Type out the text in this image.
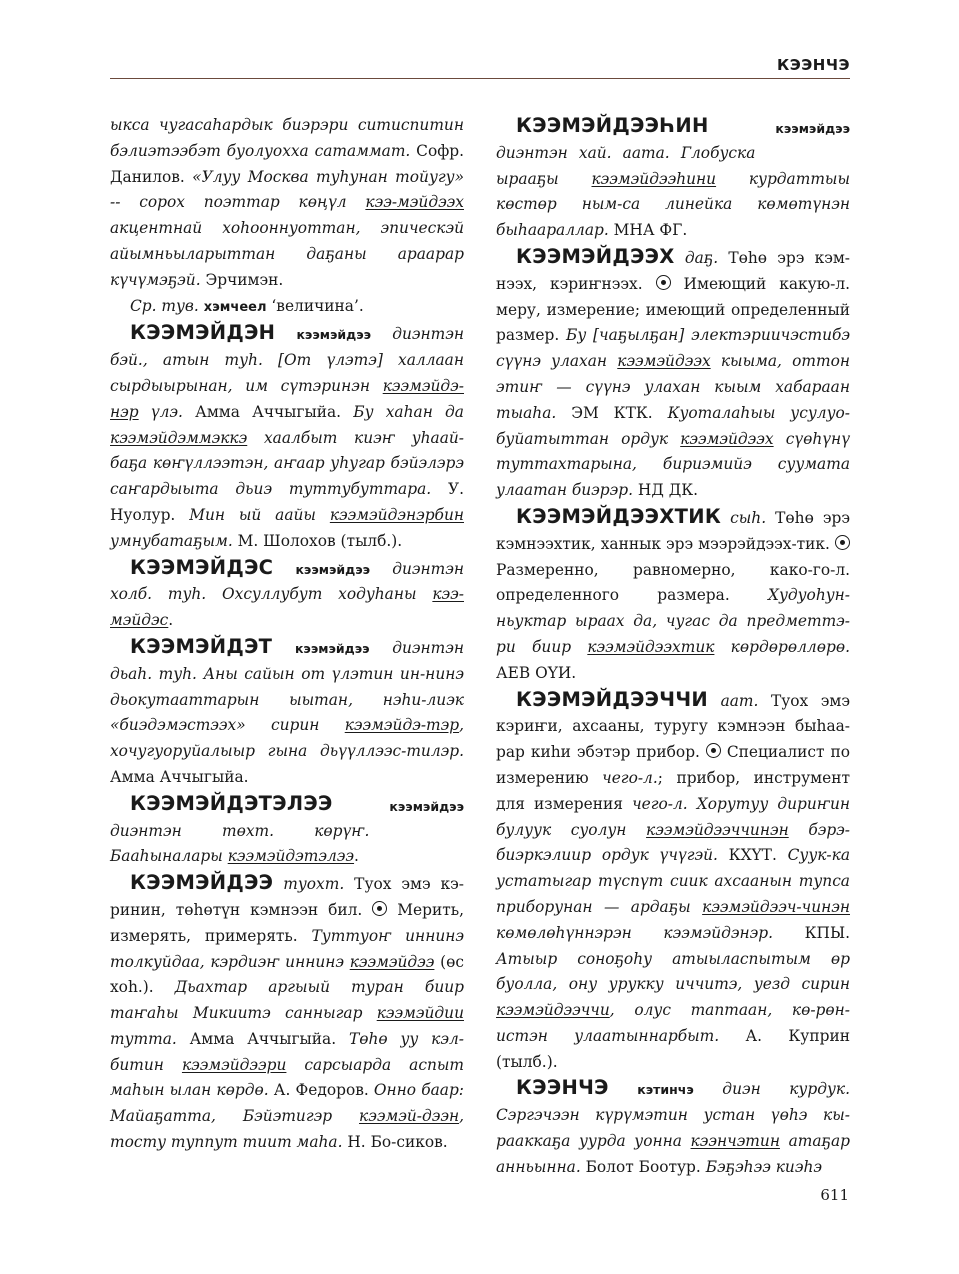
КЭЭНЧЭ

ыкса чугасаһардык биэрэри ситиспитин бэлиэтээбэт буолуохха сатаммат. Софр. Данилов. «Улуу Москва туһунан тойугу» -- сорох поэттар көңүл кээ-мэйдээх акцентнай хоһооннуоттан, эпическэй айымньыларыттан даҕаны арaарар күчүмэҕэй. Эрчимэн.

Ср. тув. хэмчеел ‘величина’.

КЭЭМЭЙДЭН кээмэйдээ диэнтэн бэй., атын туһ. [От үлэтэ] халлаан сырдыырынан, им сүтэринэн кээмэйдэ-нэр үлэ. Амма Аччыгыйа. Бу хаһан да кээмэйдэммэккэ хаалбыт киэҥ уһаай-баҕа көҥүллээтэн, аҥаар уһугар бэйэлэрэ саҥардыыта дьиэ туттубуттара. У. Нуолур. Мин ый аайы кээмэйдэнэрбин умнубатаҕым. М. Шолохов (тылб.).

КЭЭМЭЙДЭС кээмэйдээ диэнтэн холб. туһ. Охсуллубут ходуһаны кээ-мэйдэс.

КЭЭМЭЙДЭТ кээмэйдээ диэнтэн дьаһ. туһ. Аны сайын от үлэтин ин-нинэ дьокутааттарын ыытан, нэһи-лиэк «биэдэмэстээх» сирин кээмэйдэ-тэр, хочугуоруйалыыр гына дьүүллээс-тилэр. Амма Аччыгыйа.

КЭЭМЭЙДЭТЭЛЭЭ	кээмэйдээ

диэнтэн төхт. көрүҥ. Бааһыналары кээмэйдэтэлээ.

КЭЭМЭЙДЭЭ туохт. Туох эмэ кэ-ринин, төһөтүн кэмнээн бил.  Мерить, измерять, примерять. Туттуоҥ иннинэ толкуйдаа, кэрдиэҥ иннинэ кээмэйдээ (өс хоһ.). Дьахтар аргыый туран биир таҥаһы Микиитэ санныгар кээмэйдии тутта. Амма Аччыгыйа. Төһө уу кэл-битин кээмэйдээри сарсыарда аспыт маһын ылан көрдө. А. Федоров. Онно баар: Майаҕатта, Бэйэтигэр кээмэй-дээн, тосту туппут тиит маһа. Н. Бо-сиков.

КЭЭМЭЙДЭЭҺИН	кээмэйдээ

диэнтэн хай. аата. Глобуска ырааҕы кээмэйдээһини курдаттыы көстөр ным-са линейка көмөтүнэн быһаараллар. МНА ФГ.

КЭЭМЭЙДЭЭХ даҕ. Төһө эрэ кэм-нээх, кэриҥнээх.  Имеющий какую-л. меру, измерение; имеющий определенный размер. Бу [чаҕылҕан] электэриичэстибэ сүүнэ улахан кээмэйдээх кыыма, оттон этиҥ — сүүнэ улахан кыым хабараан тыаһа. ЭМ КТК. Куоталаһыы усулуо-буйатыттан ордук кээмэйдээх сүөһүнү туттахтарына, бириэмийэ суумата улаатан биэрэр. НД ДК.

КЭЭМЭЙДЭЭХТИК сыһ. Төһө эрэ кэмнээхтик, ханнык эрэ мээрэйдээх-тик.  Размеренно, равномерно, како-го-л. определенного размера. Худуоһун-ньуктар ыраах да, чугас да предметтэ-ри биир кээмэйдээхтик көрдөрөллөрө. АЕВ ОҮИ.

КЭЭМЭЙДЭЭЧЧИ аат. Туох эмэ кэриҥи, ахсааны, туругу кэмнээн быһаа-рар киһи эбэтэр прибор.  Специалист по измерению чего-л.; прибор, инструмент для измерения чего-л. Хорутуу дириҥин булуук суолун кээмэйдээччинэн бэрэ-биэркэлиир ордук үчүгэй. КХҮТ. Суук-ка устатыгар түспүт сиик ахсаанын тупса приборунан — ардаҕы кээмэйдээч-чинэн көмөлөһүннэрэн кээмэйдэнэр. КПЫ. Атыыр соноҕоһу атыыласпытым өр буолла, ону урукку иччитэ, уезд сирин кээмэйдээччи, олус таптаан, кө-рөн-истэн улаатыннарбыт. А. Куприн (тылб.).

КЭЭНЧЭ кэтинчэ диэн курдук. Сэргэчээн күрүмэтин устан үөһэ кы-рааккаҕа уурда уонна кээнчэтин атаҕар анньынна. Болот Боотур. Бэҕэһээ киэһэ

611
